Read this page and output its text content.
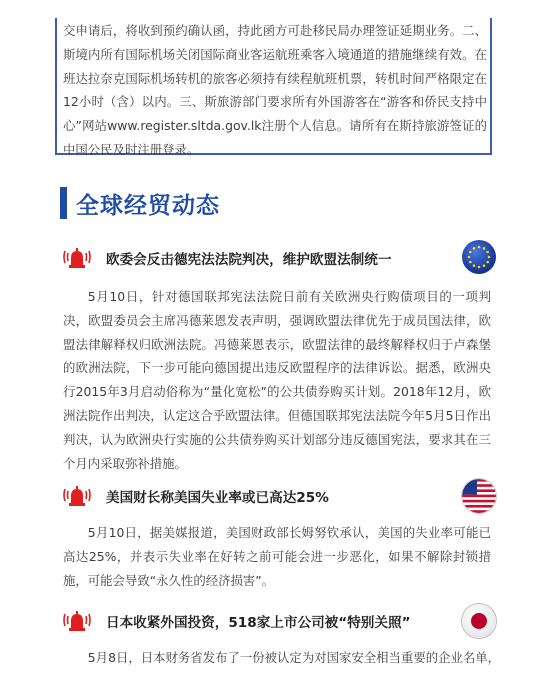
交申请后，将收到预约确认函，持此函方可赴移民局办理签证延期业务。二、斯境内所有国际机场关闭国际商业客运航班乘客入境通道的措施继续有效。在班达拉奈克国际机场转机的旅客必须持有续程航班机票，转机时间严格限定在12小时（含）以内。三、斯旅游部门要求所有外国游客在“游客和侨民支持中心”网站www.register.sltda.gov.lk注册个人信息。请所有在斯持旅游签证的中国公民及时注册登录。

全球经贸动态
欧委会反击德宪法法院判决，维护欧盟法制统一

5月10日，针对德国联邦宪法法院日前有关欧洲央行购债项目的一项判决，欧盟委员会主席冯德莱恩发表声明，强调欧盟法律优先于成员国法律，欧盟法律解释权归欧洲法院。冯德莱恩表示，欧盟法律的最终解释权归于卢森堡的欧洲法院，下一步可能向德国提出违反欧盟程序的法律诉讼。据悉，欧洲央行2015年3月启动俗称为“量化宽松”的公共债券购买计划。2018年12月，欧洲法院作出判决，认定这合乎欧盟法律。但德国联邦宪法法院今年5月5日作出判决，认为欧洲央行实施的公共债券购买计划部分违反德国宪法，要求其在三个月内采取弥补措施。

美国财长称美国失业率或已高达25%

5月10日，据美媒报道，美国财政部长姆努钦承认，美国的失业率可能已高达25%，并表示失业率在好转之前可能会进一步恶化，如果不解除封锁措施，可能会导致“永久性的经济损害”。

日本收紧外国投资，518家上市公司被“特别关照”

5月8日，日本财务省发布了一份被认定为对国家安全相当重要的企业名单，
